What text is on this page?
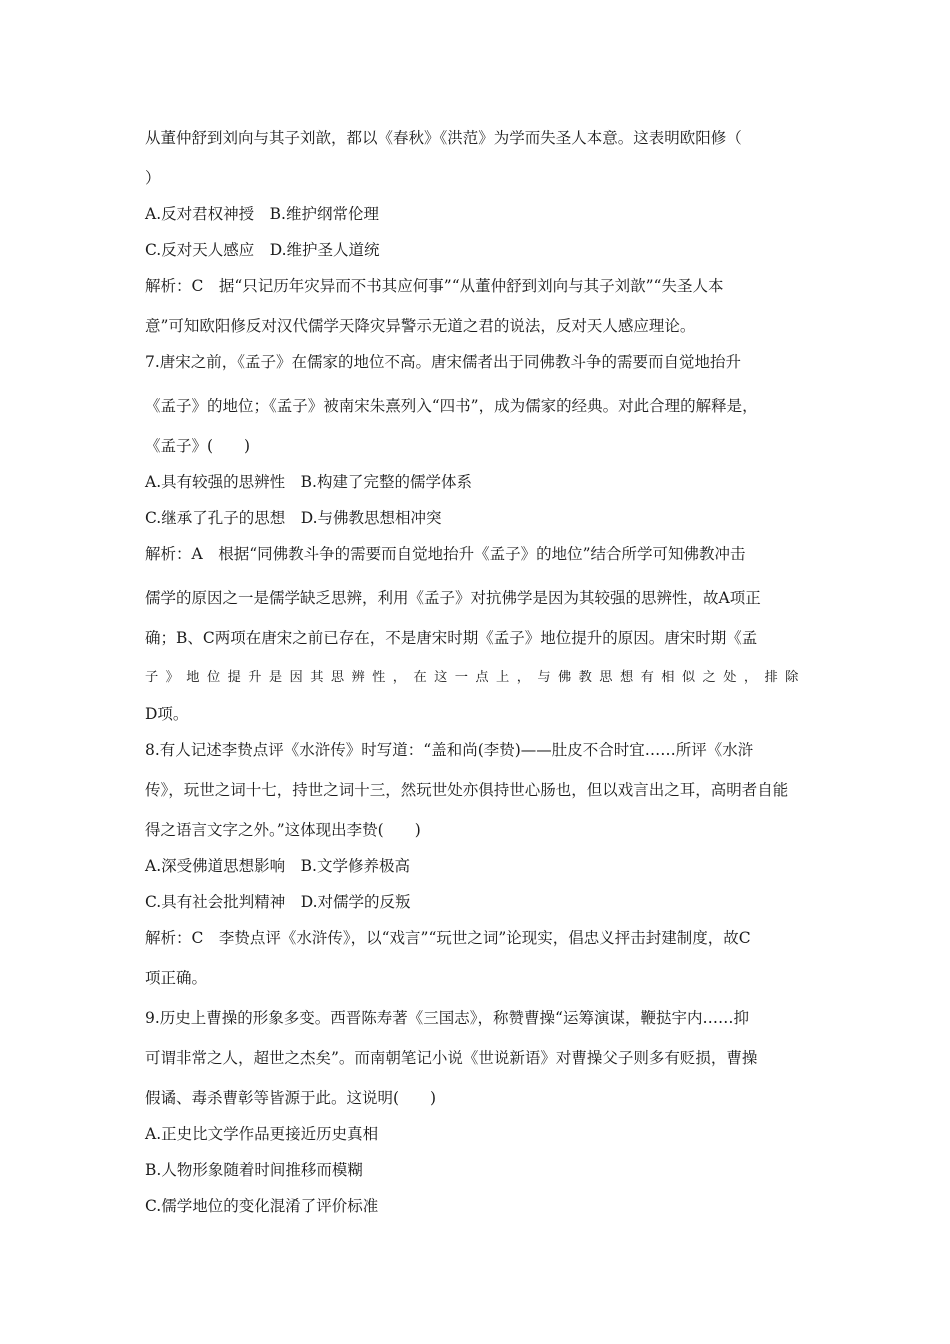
从董仲舒到刘向与其子刘歆，都以《春秋》《洪范》为学而失圣人本意。这表明欧阳修（
）
A.反对君权神授　B.维护纲常伦理
C.反对天人感应　D.维护圣人道统
解析：C　据“只记历年灾异而不书其应何事”“从董仲舒到刘向与其子刘歆”“失圣人本
意”可知欧阳修反对汉代儒学天降灾异警示无道之君的说法，反对天人感应理论。
7.唐宋之前，《孟子》在儒家的地位不高。唐宋儒者出于同佛教斗争的需要而自觉地抬升
《孟子》的地位；《孟子》被南宋朱熹列入“四书”，成为儒家的经典。对此合理的解释是，
《孟子》(　　)
A.具有较强的思辨性　B.构建了完整的儒学体系
C.继承了孔子的思想　D.与佛教思想相冲突
解析：A　根据“同佛教斗争的需要而自觉地抬升《孟子》的地位”结合所学可知佛教冲击
儒学的原因之一是儒学缺乏思辨，利用《孟子》对抗佛学是因为其较强的思辨性，故A项正
确；B、C两项在唐宋之前已存在，不是唐宋时期《孟子》地位提升的原因。唐宋时期《孟
子》地位提升是因其思辨性，在这一点上，与佛教思想有相似之处，排除
D项。
8.有人记述李贽点评《水浒传》时写道：“盖和尚(李贽)——肚皮不合时宜……所评《水浒
传》，玩世之词十七，持世之词十三，然玩世处亦俱持世心肠也，但以戏言出之耳，高明者自能
得之语言文字之外。”这体现出李贽(　　)
A.深受佛道思想影响　B.文学修养极高
C.具有社会批判精神　D.对儒学的反叛
解析：C　李贽点评《水浒传》，以“戏言”“玩世之词”论现实，倡忠义抨击封建制度，故C
项正确。
9.历史上曹操的形象多变。西晋陈寿著《三国志》，称赞曹操“运筹演谋，鞭挞宇内……抑
可谓非常之人，超世之杰矣”。而南朝笔记小说《世说新语》对曹操父子则多有贬损，曹操
假谲、毒杀曹彰等皆源于此。这说明(　　)
A.正史比文学作品更接近历史真相
B.人物形象随着时间推移而模糊
C.儒学地位的变化混淆了评价标准
